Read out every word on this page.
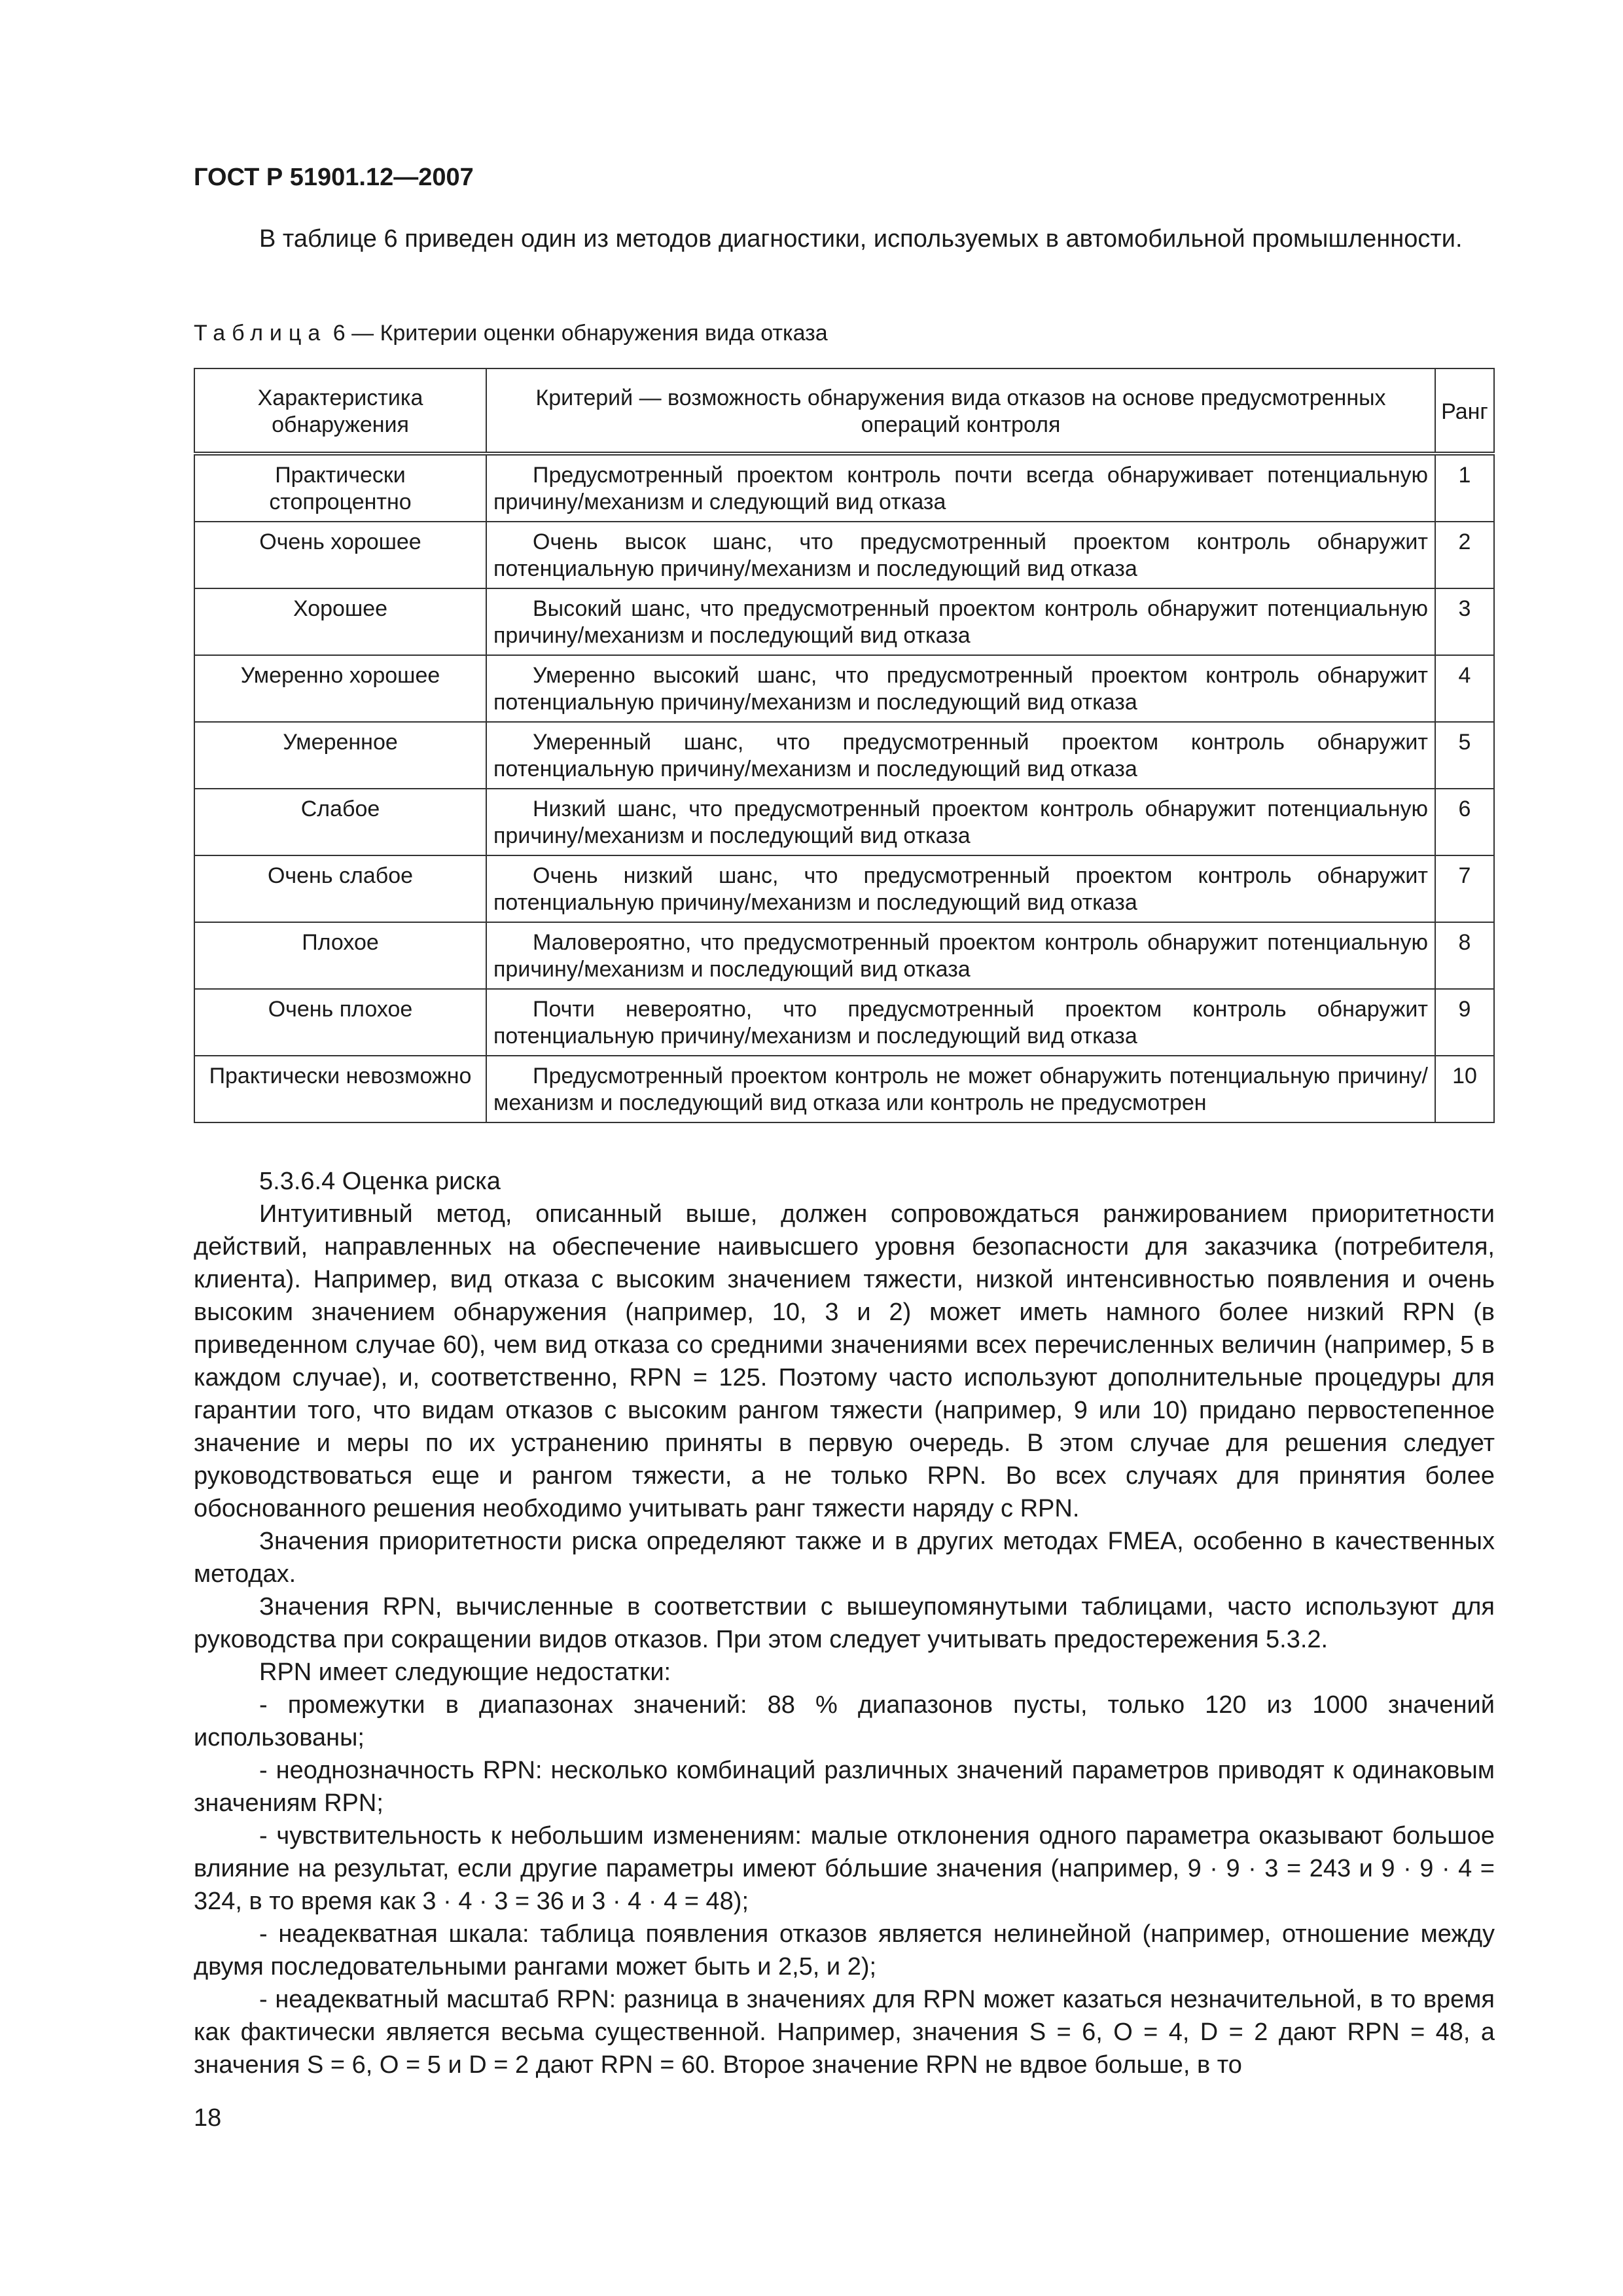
ГОСТ Р 51901.12—2007

В таблице 6 приведен один из методов диагностики, используемых в автомобильной промышленности.

Таблица 6 — Критерии оценки обнаружения вида отказа
Характеристика обнаружения	Критерий — возможность обнаружения вида отказов на основе предусмотренных операций контроля	Ранг
Практически стопроцентно	Предусмотренный проектом контроль почти всегда обнаруживает потенциальную причину/механизм и следующий вид отказа	1
Очень хорошее	Очень высок шанс, что предусмотренный проектом контроль обнаружит потенциальную причину/механизм и последующий вид отказа	2
Хорошее	Высокий шанс, что предусмотренный проектом контроль обнаружит потенциальную причину/механизм и последующий вид отказа	3
Умеренно хорошее	Умеренно высокий шанс, что предусмотренный проектом контроль обнаружит потенциальную причину/механизм и последующий вид отказа	4
Умеренное	Умеренный шанс, что предусмотренный проектом контроль обнаружит потенциальную причину/механизм и последующий вид отказа	5
Слабое	Низкий шанс, что предусмотренный проектом контроль обнаружит потенциальную причину/механизм и последующий вид отказа	6
Очень слабое	Очень низкий шанс, что предусмотренный проектом контроль обнаружит потенциальную причину/механизм и последующий вид отказа	7
Плохое	Маловероятно, что предусмотренный проектом контроль обнаружит потенциальную причину/механизм и последующий вид отказа	8
Очень плохое	Почти невероятно, что предусмотренный проектом контроль обнаружит потенциальную причину/механизм и последующий вид отказа	9
Практически невозможно	Предусмотренный проектом контроль не может обнаружить потенциальную причину/механизм и последующий вид отказа или контроль не предусмотрен	10

5.3.6.4 Оценка риска

Интуитивный метод, описанный выше, должен сопровождаться ранжированием приоритетности действий, направленных на обеспечение наивысшего уровня безопасности для заказчика (потребителя, клиента). Например, вид отказа с высоким значением тяжести, низкой интенсивностью появления и очень высоким значением обнаружения (например, 10, 3 и 2) может иметь намного более низкий RPN (в приведенном случае 60), чем вид отказа со средними значениями всех перечисленных величин (например, 5 в каждом случае), и, соответственно, RPN = 125. Поэтому часто используют дополнительные процедуры для гарантии того, что видам отказов с высоким рангом тяжести (например, 9 или 10) придано первостепенное значение и меры по их устранению приняты в первую очередь. В этом случае для решения следует руководствоваться еще и рангом тяжести, а не только RPN. Во всех случаях для принятия более обоснованного решения необходимо учитывать ранг тяжести наряду с RPN.

Значения приоритетности риска определяют также и в других методах FMEA, особенно в качественных методах.

Значения RPN, вычисленные в соответствии с вышеупомянутыми таблицами, часто используют для руководства при сокращении видов отказов. При этом следует учитывать предостережения 5.3.2.

RPN имеет следующие недостатки:

- промежутки в диапазонах значений: 88 % диапазонов пусты, только 120 из 1000 значений использованы;

- неоднозначность RPN: несколько комбинаций различных значений параметров приводят к одинаковым значениям RPN;

- чувствительность к небольшим изменениям: малые отклонения одного параметра оказывают большое влияние на результат, если другие параметры имеют бо́льшие значения (например, 9 · 9 · 3 = 243 и 9 · 9 · 4 = 324, в то время как 3 · 4 · 3 = 36 и 3 · 4 · 4 = 48);

- неадекватная шкала: таблица появления отказов является нелинейной (например, отношение между двумя последовательными рангами может быть и 2,5, и 2);

- неадекватный масштаб RPN: разница в значениях для RPN может казаться незначительной, в то время как фактически является весьма существенной. Например, значения S = 6, O = 4, D = 2 дают RPN = 48, а значения S = 6, O = 5 и D = 2 дают RPN = 60. Второе значение RPN не вдвое больше, в то

18
